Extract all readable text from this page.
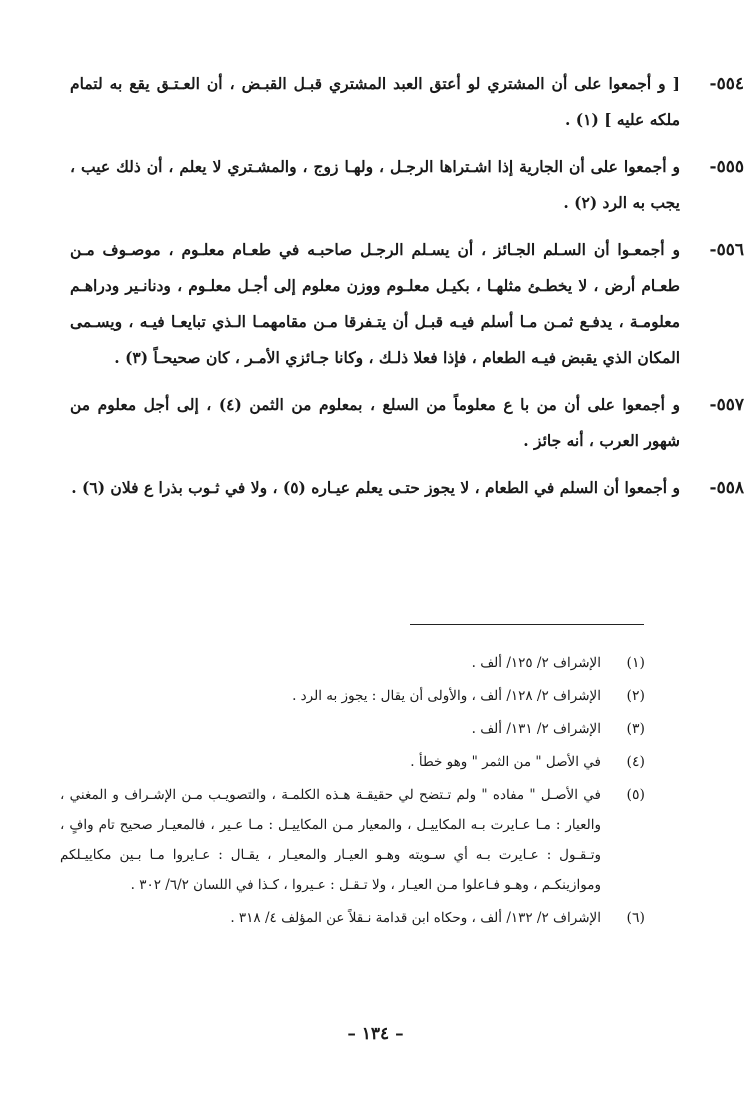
٥٥٤-
[ و أجمعوا على أن المشتري لو أعتق العبد المشتري قبـل القبـض ، أن العـتـق يقع به لتمام ملكه عليه ] (١) .
٥٥٥-
و أجمعوا على أن الجارية إذا اشـتراها الرجـل ، ولهـا زوج ، والمشـتري لا يعلم ، أن ذلك عيب ، يجب به الرد (٢) .
٥٥٦-
و أجمعـوا أن السـلم الجـائز ، أن يسـلم الرجـل صاحبـه في طعـام معلـوم ، موصـوف مـن طعـام أرض ، لا يخطـئ مثلهـا ، بكيـل معلـوم ووزن معلوم إلى أجـل معلـوم ، ودنانـير ودراهـم معلومـة ، يدفـع ثمـن مـا أسلم فيـه قبـل أن يتـفرقا مـن مقامهمـا الـذي تبايعـا فيـه ، ويسـمى المكان الذي يقبض فيـه الطعام ، فإذا فعلا ذلـك ، وكانا جـائزي الأمـر ، كان صحيحـاً (٣) .
٥٥٧-
و أجمعوا على أن من با ع معلوماً من السلع ، بمعلوم من الثمن (٤) ، إلى أجل معلوم من شهور العرب ، أنه جائز .
٥٥٨-
و أجمعوا أن السلم في الطعام ، لا يجوز حتـى يعلم عيـاره (٥) ، ولا في ثـوب بذرا ع فلان (٦) .
(١)
الإشراف ٢/ ١٢٥/ ألف .
(٢)
الإشراف ٢/ ١٢٨/ ألف ، والأولى أن يقال : يجوز به الرد .
(٣)
الإشراف ٢/ ١٣١/ ألف .
(٤)
في الأصل " من الثمر " وهو خطأ .
(٥)
في الأصـل " مفاده " ولم تـتضح لي حقيقـة هـذه الكلمـة ، والتصويـب مـن الإشـراف و المغني ، والعيار : مـا عـايرت بـه المكاييـل ، والمعيار مـن المكاييـل : مـا عـير ، فالمعيـار صحيح تام وافٍ ، وتـقـول : عـايرت بـه أي سـويته وهـو العيـار والمعيـار ، يقـال : عـايروا مـا بـين مكاييـلكم وموازينكـم ، وهـو فـاعلوا مـن العيـار ، ولا تـقـل : عـيروا ، كـذا في اللسان ٦/٢/ ٣٠٢ .
(٦)
الإشراف ٢/ ١٣٢/ ألف ، وحكاه ابن قدامة نـقلاً عن المؤلف ٤/ ٣١٨ .
– ١٣٤ –
